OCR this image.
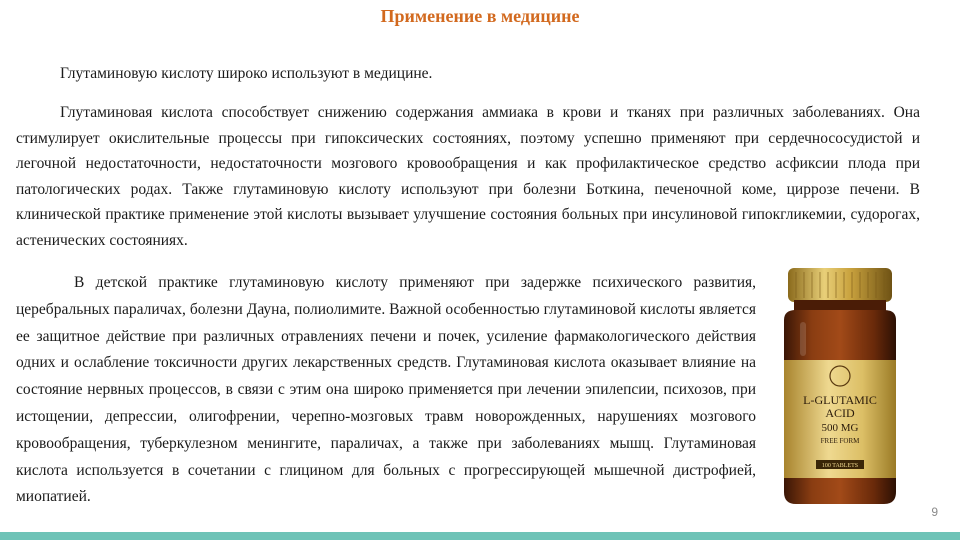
Применение в медицине

Глутаминовую кислоту широко используют в медицине.

Глутаминовая кислота способствует снижению содержания аммиака в крови и тканях при различных заболеваниях. Она стимулирует окислительные процессы при гипоксических состояниях, поэтому успешно применяют при сердечнососудистой и легочной недостаточности, недостаточности мозгового кровообращения и как профилактическое средство асфиксии плода при патологических родах. Также глутаминовую кислоту используют при болезни Боткина, печеночной коме, циррозе печени. В клинической практике применение этой кислоты вызывает улучшение состояния больных при инсулиновой гипокгликемии, судорогах, астенических состояниях.

В детской практике глутаминовую кислоту применяют при задержке психического развития, церебральных параличах, болезни Дауна, полиолимите. Важной особенностью глутаминовой кислоты является ее защитное действие при различных отравлениях печени и почек, усиление фармакологического действия одних и ослабление токсичности других лекарственных средств. Глутаминовая кислота оказывает влияние на состояние нервных процессов, в связи с этим она широко применяется при лечении эпилепсии, психозов, при истощении, депрессии, олигофрении, черепно-мозговых травм новорожденных, нарушениях мозгового кровообращения, туберкулезном менингите, параличах, а также при заболеваниях мышц. Глутаминовая кислота используется в сочетании с глицином для больных с прогрессирующей мышечной дистрофией, миопатией.

L-GLUTAMIC
ACID
500 MG
FREE FORM
100 TABLETS
9
